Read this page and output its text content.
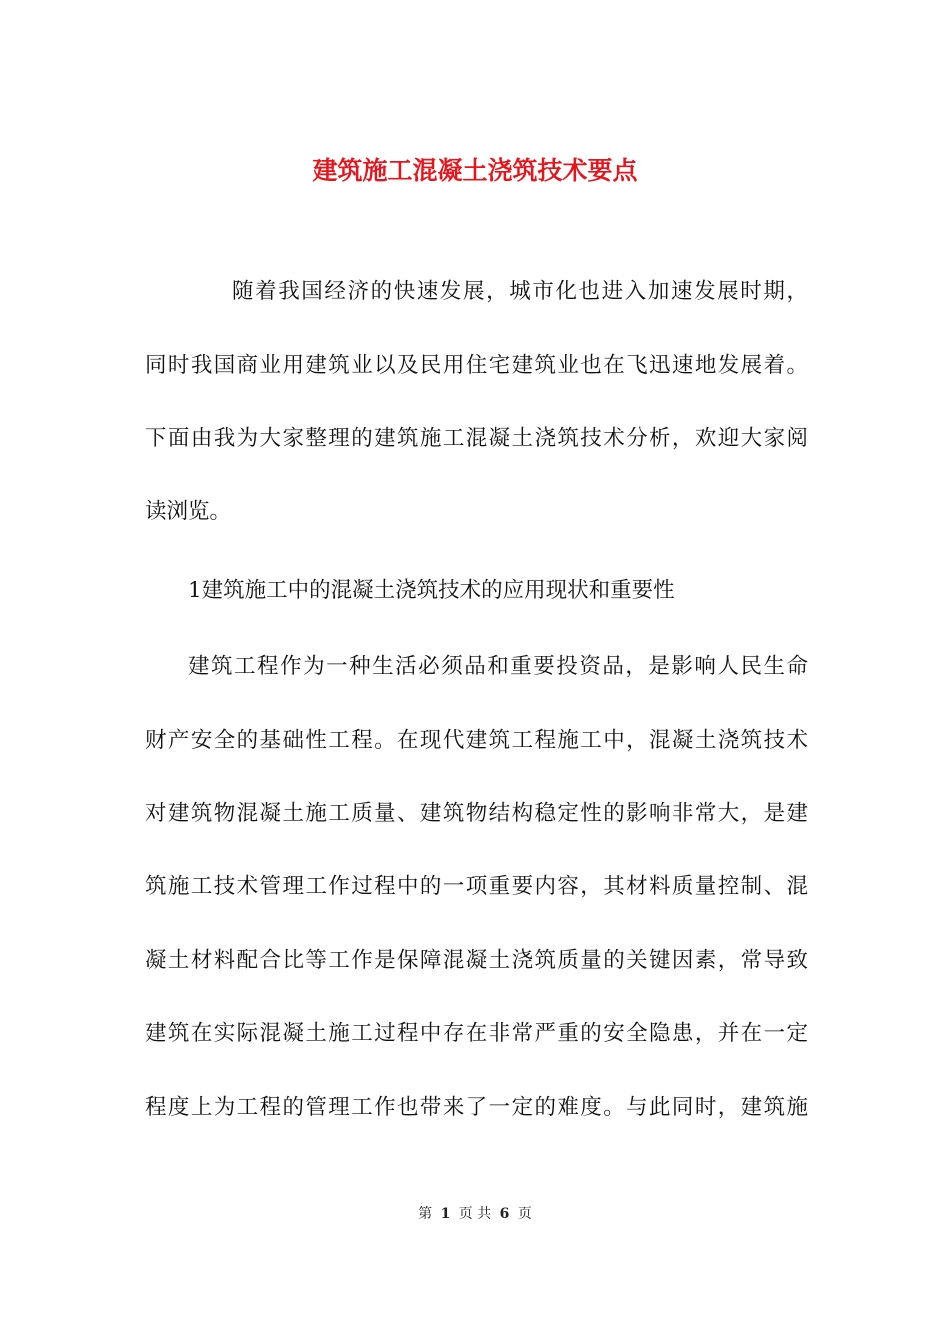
建筑施工混凝土浇筑技术要点

随着我国经济的快速发展，城市化也进入加速发展时期，

同时我国商业用建筑业以及民用住宅建筑业也在飞迅速地发展着。

下面由我为大家整理的建筑施工混凝土浇筑技术分析，欢迎大家阅

读浏览。

1建筑施工中的混凝土浇筑技术的应用现状和重要性

建筑工程作为一种生活必须品和重要投资品，是影响人民生命

财产安全的基础性工程。在现代建筑工程施工中，混凝土浇筑技术

对建筑物混凝土施工质量、建筑物结构稳定性的影响非常大，是建

筑施工技术管理工作过程中的一项重要内容，其材料质量控制、混

凝土材料配合比等工作是保障混凝土浇筑质量的关键因素，常导致

建筑在实际混凝土施工过程中存在非常严重的安全隐患，并在一定

程度上为工程的管理工作也带来了一定的难度。与此同时，建筑施

第 1 页 共 6 页
